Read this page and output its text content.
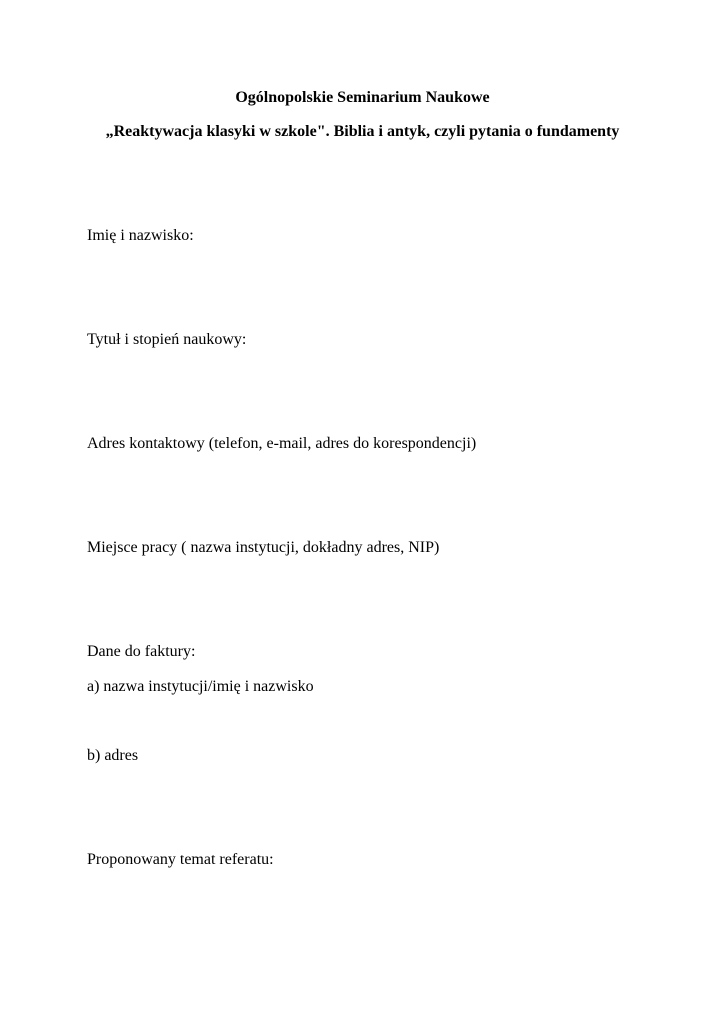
Ogólnopolskie Seminarium Naukowe
„Reaktywacja klasyki w szkole". Biblia i antyk, czyli pytania o fundamenty
Imię i nazwisko:
Tytuł i stopień naukowy:
Adres kontaktowy (telefon, e-mail, adres do korespondencji)
Miejsce pracy ( nazwa instytucji, dokładny adres, NIP)
Dane do faktury:
a) nazwa instytucji/imię i nazwisko
b) adres
Proponowany temat referatu:
